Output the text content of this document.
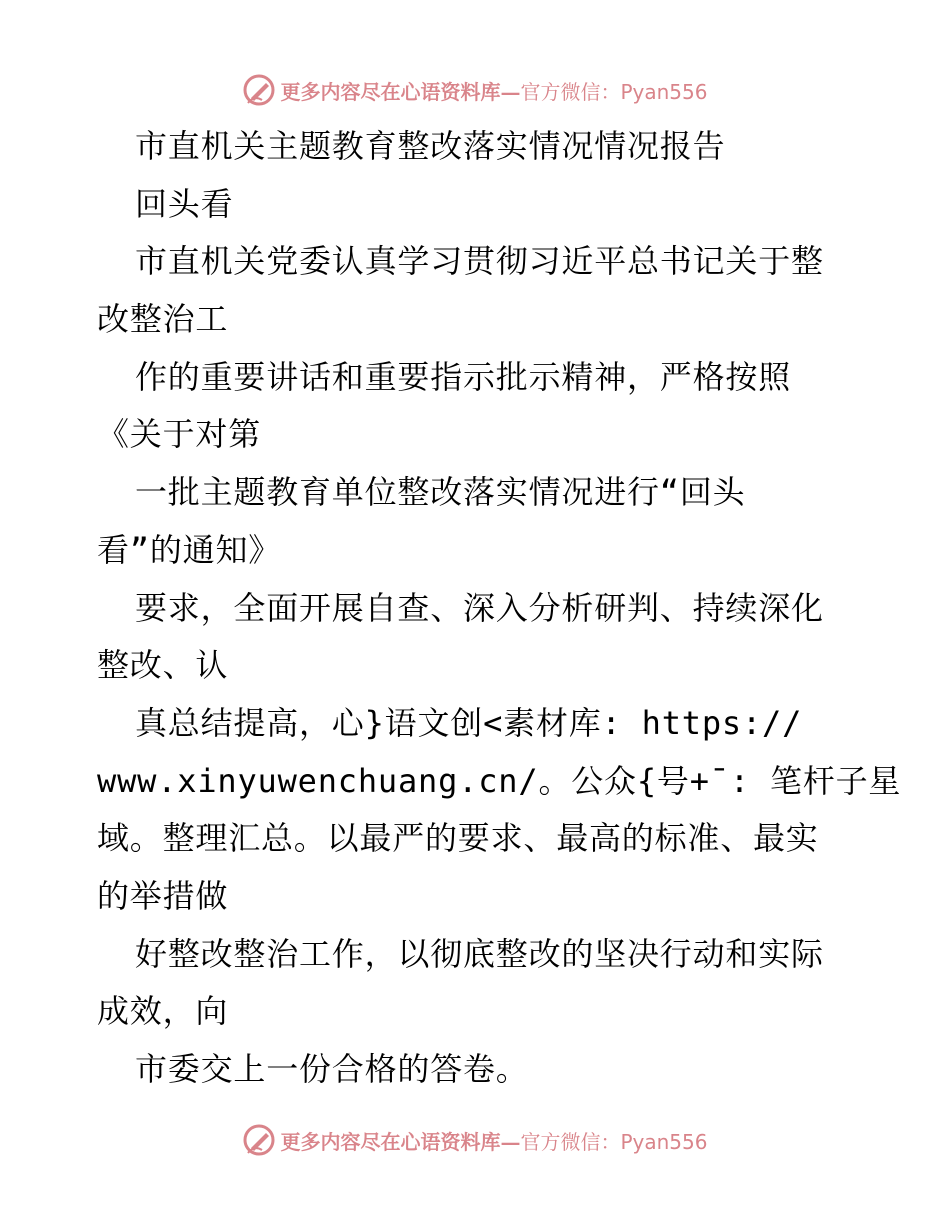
更多内容尽在心语资料库— 官方微信：Pyan556
市直机关主题教育整改落实情况情况报告
回头看
市直机关党委认真学习贯彻习近平总书记关于整
改整治工
作的重要讲话和重要指示批示精神，严格按照
《关于对第
一批主题教育单位整改落实情况进行“回头
看”的通知》
要求，全面开展自查、深入分析研判、持续深化
整改、认
真总结提高，心}语文创<素材库: https://
www.xinyuwenchuang.cn/。公众{号+¯: 笔杆子星
域。整理汇总。以最严的要求、最高的标准、最实
的举措做
好整改整治工作，以彻底整改的坚决行动和实际
成效，向
市委交上一份合格的答卷。
更多内容尽在心语资料库— 官方微信：Pyan556
